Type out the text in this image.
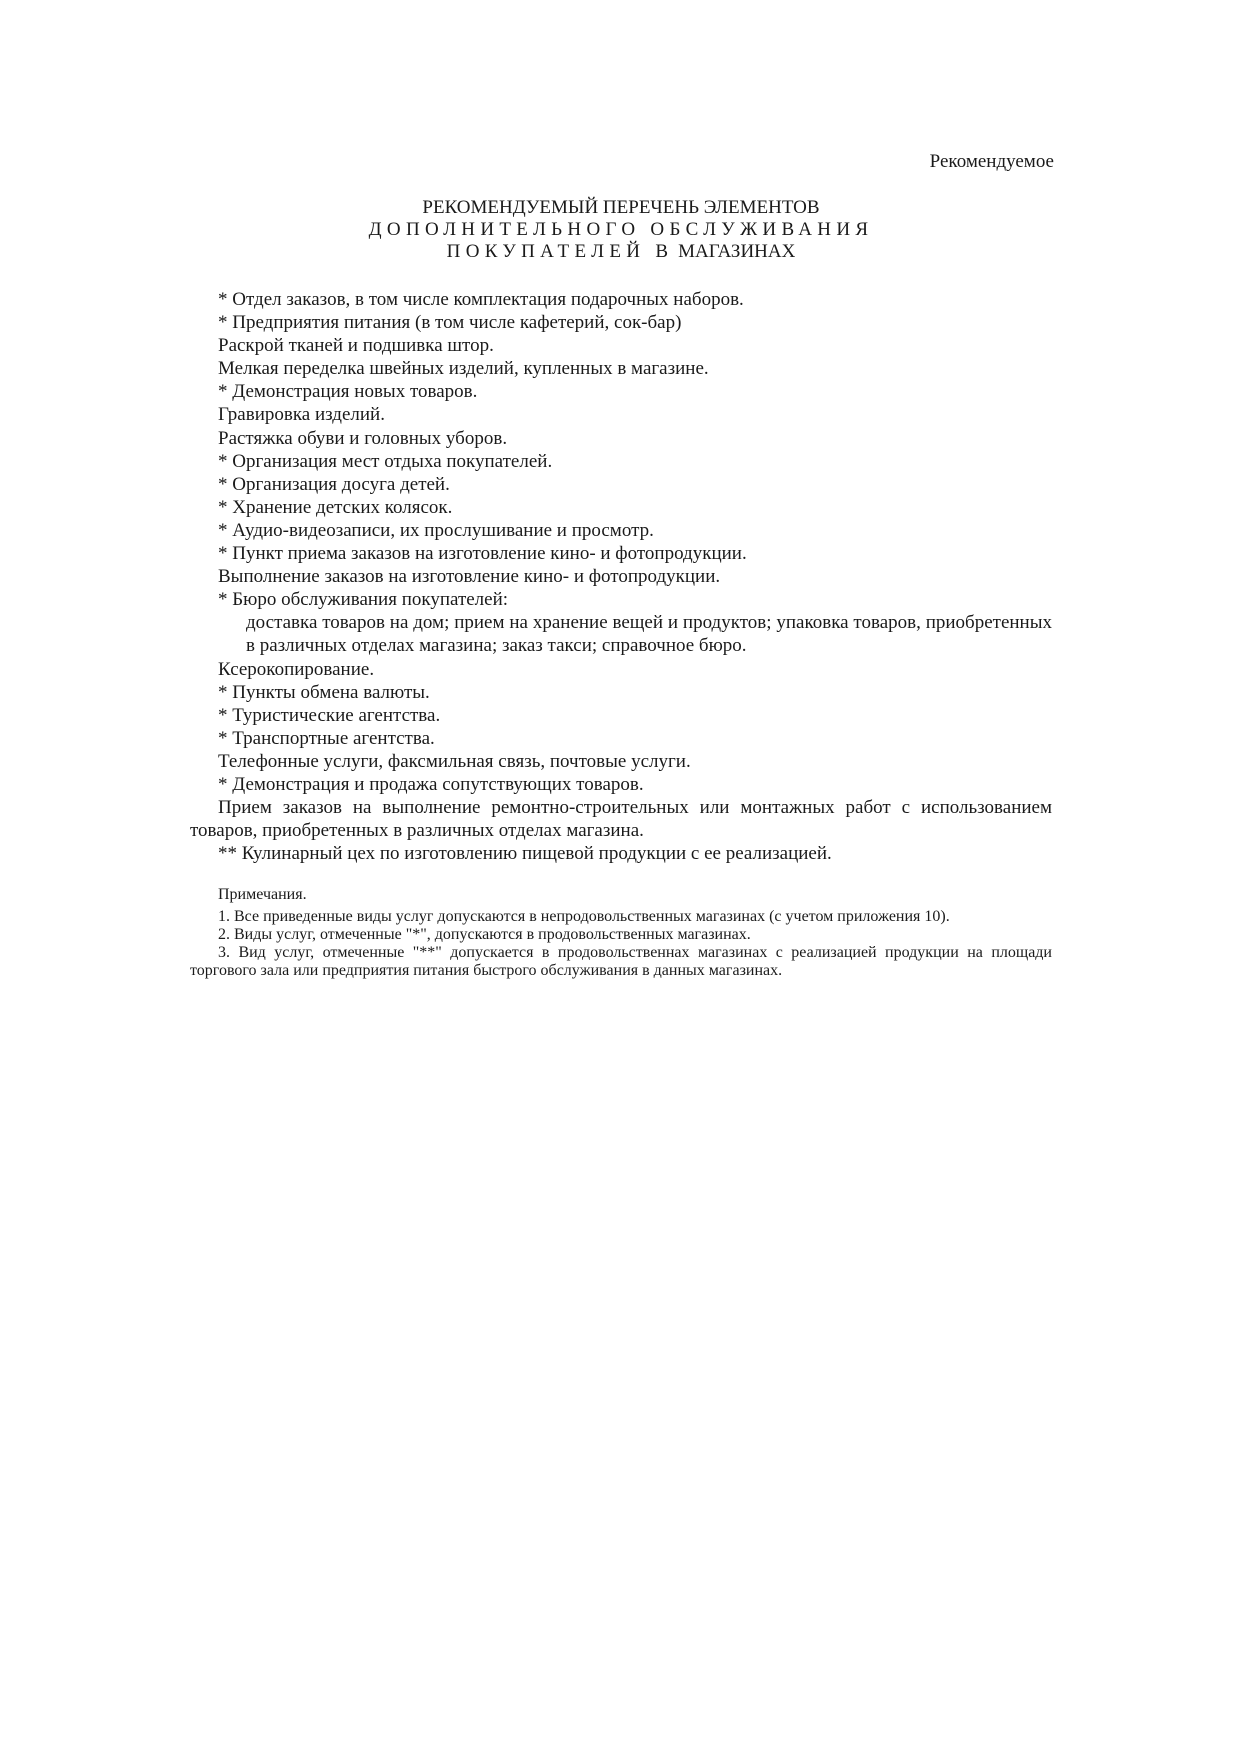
Рекомендуемое
РЕКОМЕНДУЕМЫЙ ПЕРЕЧЕНЬ ЭЛЕМЕНТОВ
ДОПОЛНИТЕЛЬНОГО ОБСЛУЖИВАНИЯ
ПОКУПАТЕЛЕЙ В МАГАЗИНАХ

* Отдел заказов, в том числе комплектация подарочных наборов.

* Предприятия питания (в том числе кафетерий, сок-бар)

Раскрой тканей и подшивка штор.

Мелкая переделка швейных изделий, купленных в магазине.

* Демонстрация новых товаров.

Гравировка изделий.

Растяжка обуви и головных уборов.

* Организация мест отдыха покупателей.

* Организация досуга детей.

* Хранение детских колясок.

* Аудио-видеозаписи, их прослушивание и просмотр.

* Пункт приема заказов на изготовление кино- и фотопродукции.

Выполнение заказов на изготовление кино- и фотопродукции.

* Бюро обслуживания покупателей:

доставка товаров на дом; прием на хранение вещей и продуктов; упаковка товаров, приобретенных в различных отделах магазина; заказ такси; справочное бюро.

Ксерокопирование.

* Пункты обмена валюты.

* Туристические агентства.

* Транспортные агентства.

Телефонные услуги, факсмильная связь, почтовые услуги.

* Демонстрация и продажа сопутствующих товаров.

Прием заказов на выполнение ремонтно-строительных или монтажных работ с использованием товаров, приобретенных в различных отделах магазина.

** Кулинарный цех по изготовлению пищевой продукции с ее реализацией.

Примечания.

1. Все приведенные виды услуг допускаются в непродовольственных магазинах (с учетом приложения 10).

2. Виды услуг, отмеченные "*", допускаются в продовольственных магазинах.

3. Вид услуг, отмеченные "**" допускается в продовольственнах магазинах с реализацией продукции на площади торгового зала или предприятия питания быстрого обслуживания в данных магазинах.
